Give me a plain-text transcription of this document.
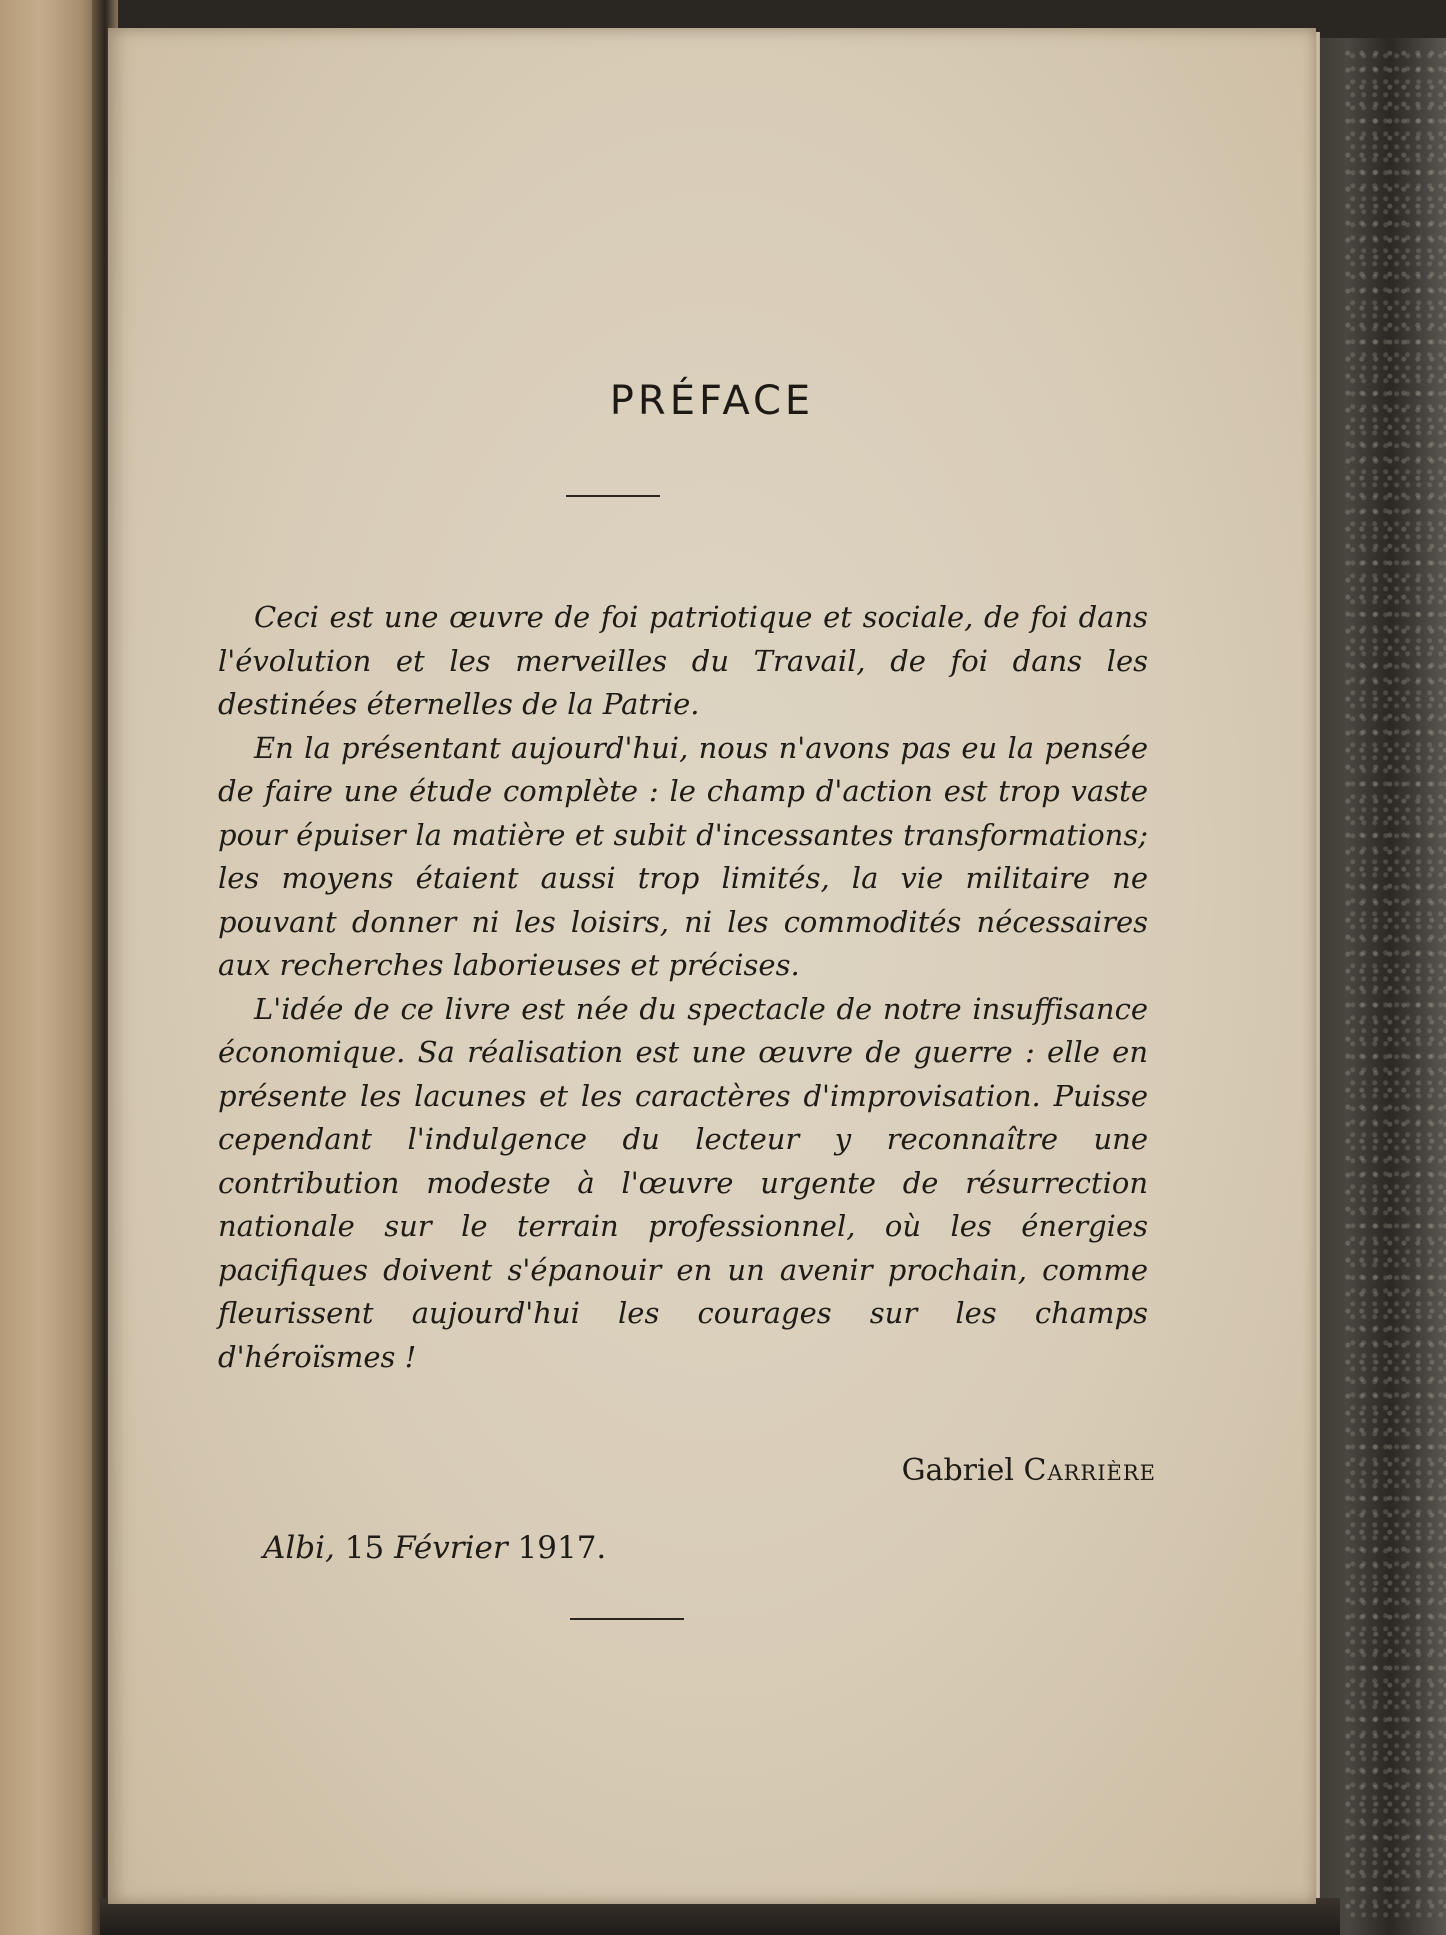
PRÉFACE

Ceci est une œuvre de foi patriotique et sociale, de foi dans l'évolution et les merveilles du Travail, de foi dans les destinées éternelles de la Patrie.

En la présentant aujourd'hui, nous n'avons pas eu la pensée de faire une étude complète : le champ d'action est trop vaste pour épuiser la matière et subit d'incessantes transformations; les moyens étaient aussi trop limités, la vie militaire ne pouvant donner ni les loisirs, ni les commodités nécessaires aux recherches laborieuses et précises.

L'idée de ce livre est née du spectacle de notre insuffisance économique. Sa réalisation est une œuvre de guerre : elle en présente les lacunes et les caractères d'improvisation. Puisse cependant l'indulgence du lecteur y reconnaître une contribution modeste à l'œuvre urgente de résurrection nationale sur le terrain professionnel, où les énergies pacifiques doivent s'épanouir en un avenir prochain, comme fleurissent aujourd'hui les courages sur les champs d'héroïsmes !

Gabriel Carrière
Albi, 15 Février 1917.
